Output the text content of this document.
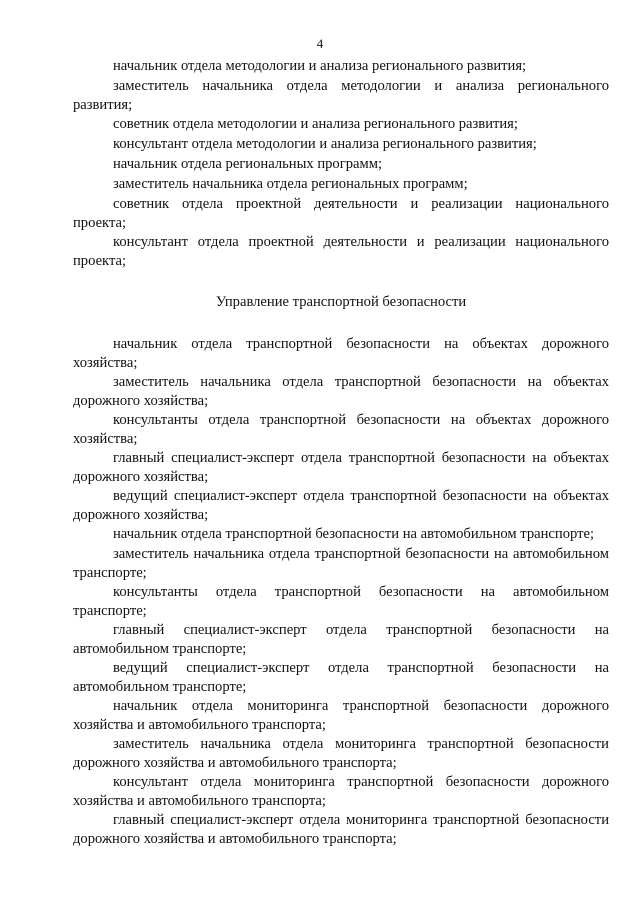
4

начальник отдела методологии и анализа регионального развития;

заместитель начальника отдела методологии и анализа регионального развития;

советник отдела методологии и анализа регионального развития;

консультант отдела методологии и анализа регионального развития;

начальник отдела региональных программ;

заместитель начальника отдела региональных программ;

советник отдела проектной деятельности и реализации национального проекта;

консультант отдела проектной деятельности и реализации национального проекта;

Управление транспортной безопасности

начальник отдела транспортной безопасности на объектах дорожного хозяйства;

заместитель начальника отдела транспортной безопасности на объектах дорожного хозяйства;

консультанты отдела транспортной безопасности на объектах дорожного хозяйства;

главный специалист-эксперт отдела транспортной безопасности на объектах дорожного хозяйства;

ведущий специалист-эксперт отдела транспортной безопасности на объектах дорожного хозяйства;

начальник отдела транспортной безопасности на автомобильном транспорте;

заместитель начальника отдела транспортной безопасности на автомобильном транспорте;

консультанты отдела транспортной безопасности на автомобильном транспорте;

главный специалист-эксперт отдела транспортной безопасности на автомобильном транспорте;

ведущий специалист-эксперт отдела транспортной безопасности на автомобильном транспорте;

начальник отдела мониторинга транспортной безопасности дорожного хозяйства и автомобильного транспорта;

заместитель начальника отдела мониторинга транспортной безопасности дорожного хозяйства и автомобильного транспорта;

консультант отдела мониторинга транспортной безопасности дорожного хозяйства и автомобильного транспорта;

главный специалист-эксперт отдела мониторинга транспортной безопасности дорожного хозяйства и автомобильного транспорта;
